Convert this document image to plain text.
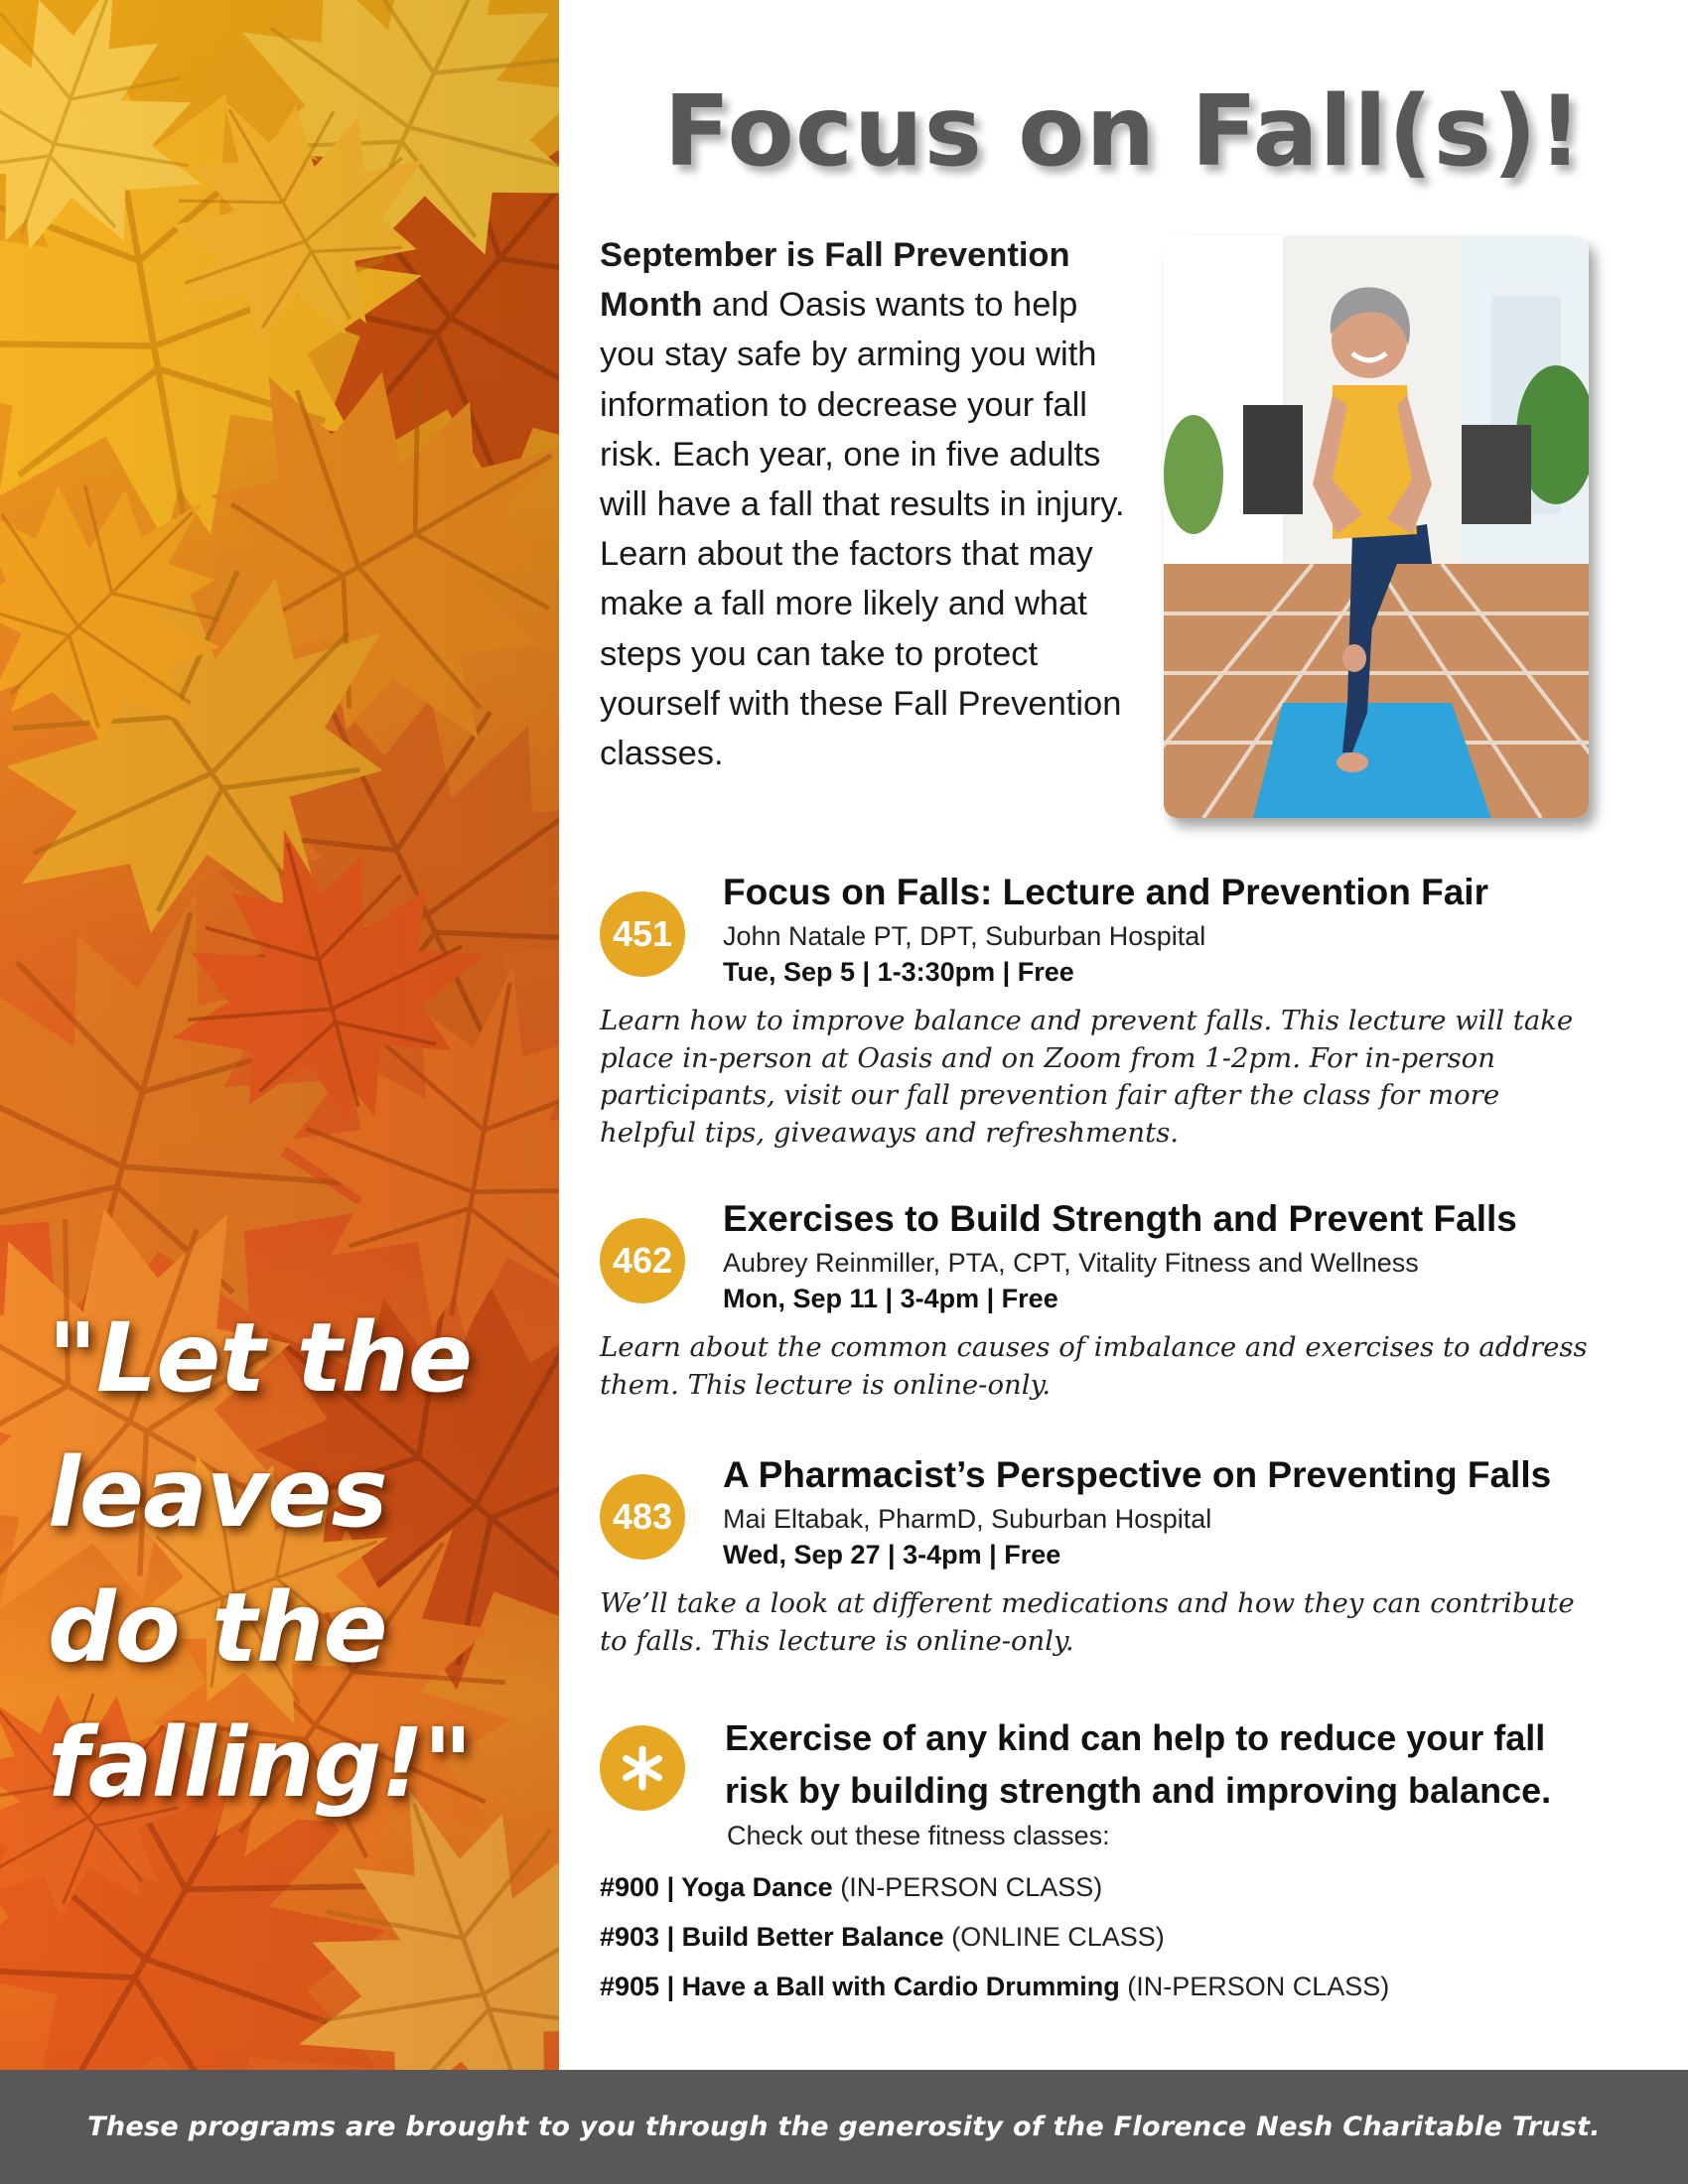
"Let the leaves do the falling!"
Focus on Fall(s)!

September is Fall Prevention Month and Oasis wants to help you stay safe by arming you with information to decrease your fall risk. Each year, one in five adults will have a fall that results in injury. Learn about the factors that may make a fall more likely and what steps you can take to protect yourself with these Fall Prevention classes.

451
Focus on Falls: Lecture and Prevention Fair
John Natale PT, DPT, Suburban Hospital
Tue, Sep 5 | 1-3:30pm | Free
Learn how to improve balance and prevent falls. This lecture will take place in-person at Oasis and on Zoom from 1-2pm. For in-person participants, visit our fall prevention fair after the class for more helpful tips, giveaways and refreshments.
462
Exercises to Build Strength and Prevent Falls
Aubrey Reinmiller, PTA, CPT, Vitality Fitness and Wellness
Mon, Sep 11 | 3-4pm | Free
Learn about the common causes of imbalance and exercises to address them. This lecture is online-only.
483
A Pharmacist’s Perspective on Preventing Falls
Mai Eltabak, PharmD, Suburban Hospital
Wed, Sep 27 | 3-4pm | Free
We’ll take a look at different medications and how they can contribute to falls. This lecture is online-only.
Exercise of any kind can help to reduce your fall risk by building strength and improving balance.
Check out these fitness classes:
#900 | Yoga Dance (IN-PERSON CLASS)
#903 | Build Better Balance (ONLINE CLASS)
#905 | Have a Ball with Cardio Drumming (IN-PERSON CLASS)
These programs are brought to you through the generosity of the Florence Nesh Charitable Trust.
